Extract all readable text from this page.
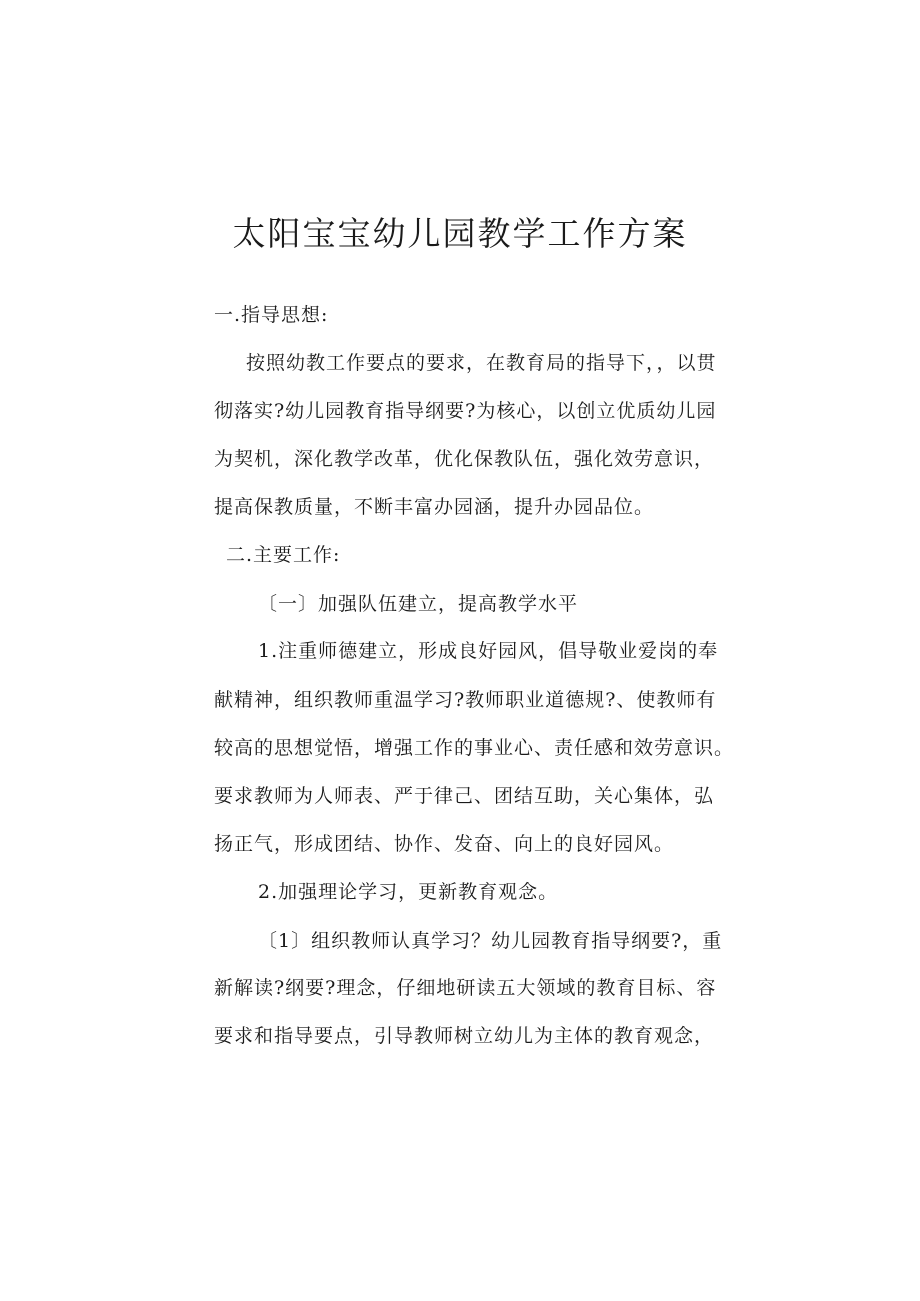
太阳宝宝幼儿园教学工作方案
一.指导思想:
按照幼教工作要点的要求，在教育局的指导下，，以贯
彻落实?幼儿园教育指导纲要?为核心，以创立优质幼儿园
为契机，深化教学改革，优化保教队伍，强化效劳意识，
提高保教质量，不断丰富办园涵，提升办园品位。
二.主要工作:
〔一〕加强队伍建立，提高教学水平
1.注重师德建立，形成良好园风，倡导敬业爱岗的奉
献精神，组织教师重温学习?教师职业道德规?、使教师有
较高的思想觉悟，增强工作的事业心、责任感和效劳意识。
要求教师为人师表、严于律己、团结互助，关心集体，弘
扬正气，形成团结、协作、发奋、向上的良好园风。
2.加强理论学习，更新教育观念。
〔1〕组织教师认真学习？幼儿园教育指导纲要?，重
新解读?纲要?理念，仔细地研读五大领域的教育目标、容
要求和指导要点，引导教师树立幼儿为主体的教育观念，
